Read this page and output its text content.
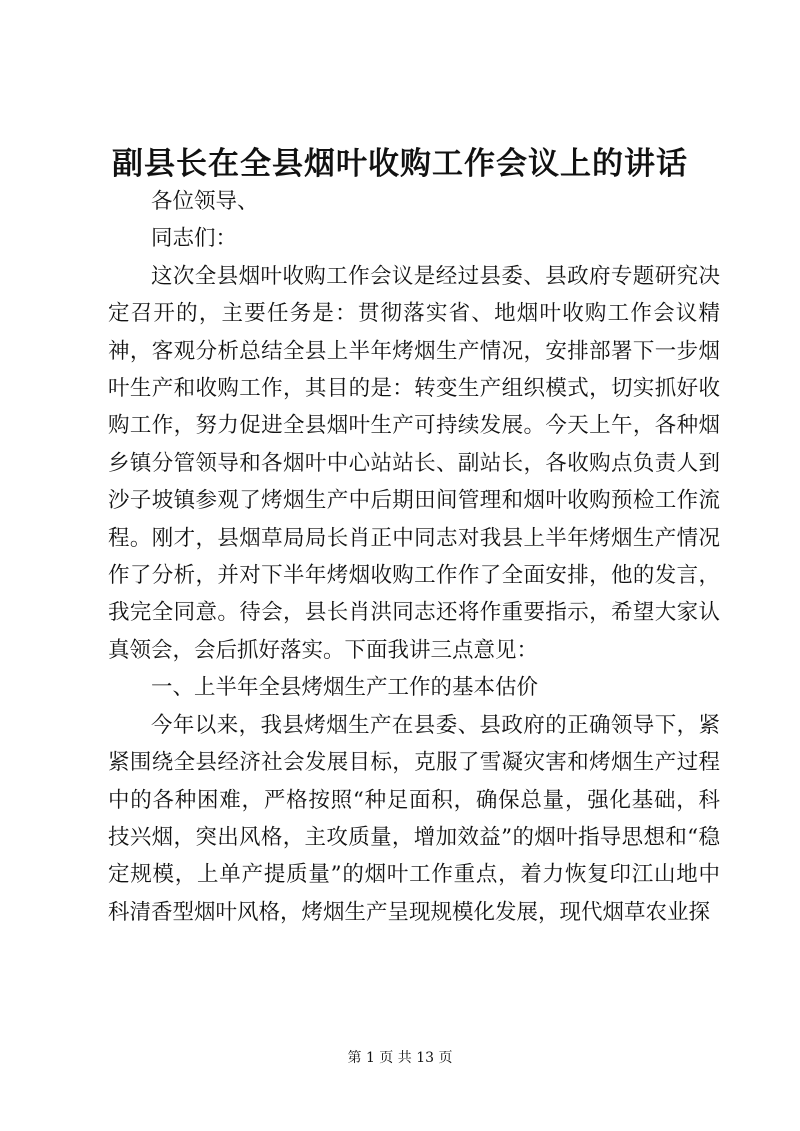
副县长在全县烟叶收购工作会议上的讲话

各位领导、

同志们：

这次全县烟叶收购工作会议是经过县委、县政府专题研究决定召开的，主要任务是：贯彻落实省、地烟叶收购工作会议精神，客观分析总结全县上半年烤烟生产情况，安排部署下一步烟叶生产和收购工作，其目的是：转变生产组织模式，切实抓好收购工作，努力促进全县烟叶生产可持续发展。今天上午，各种烟乡镇分管领导和各烟叶中心站站长、副站长，各收购点负责人到沙子坡镇参观了烤烟生产中后期田间管理和烟叶收购预检工作流程。刚才，县烟草局局长肖正中同志对我县上半年烤烟生产情况作了分析，并对下半年烤烟收购工作作了全面安排，他的发言，我完全同意。待会，县长肖洪同志还将作重要指示，希望大家认真领会，会后抓好落实。下面我讲三点意见：

一、上半年全县烤烟生产工作的基本估价

今年以来，我县烤烟生产在县委、县政府的正确领导下，紧紧围绕全县经济社会发展目标，克服了雪凝灾害和烤烟生产过程中的各种困难，严格按照“种足面积，确保总量，强化基础，科技兴烟，突出风格，主攻质量，增加效益”的烟叶指导思想和“稳定规模，上单产提质量”的烟叶工作重点，着力恢复印江山地中科清香型烟叶风格，烤烟生产呈现规模化发展，现代烟草农业探

第 1 页 共 13 页
